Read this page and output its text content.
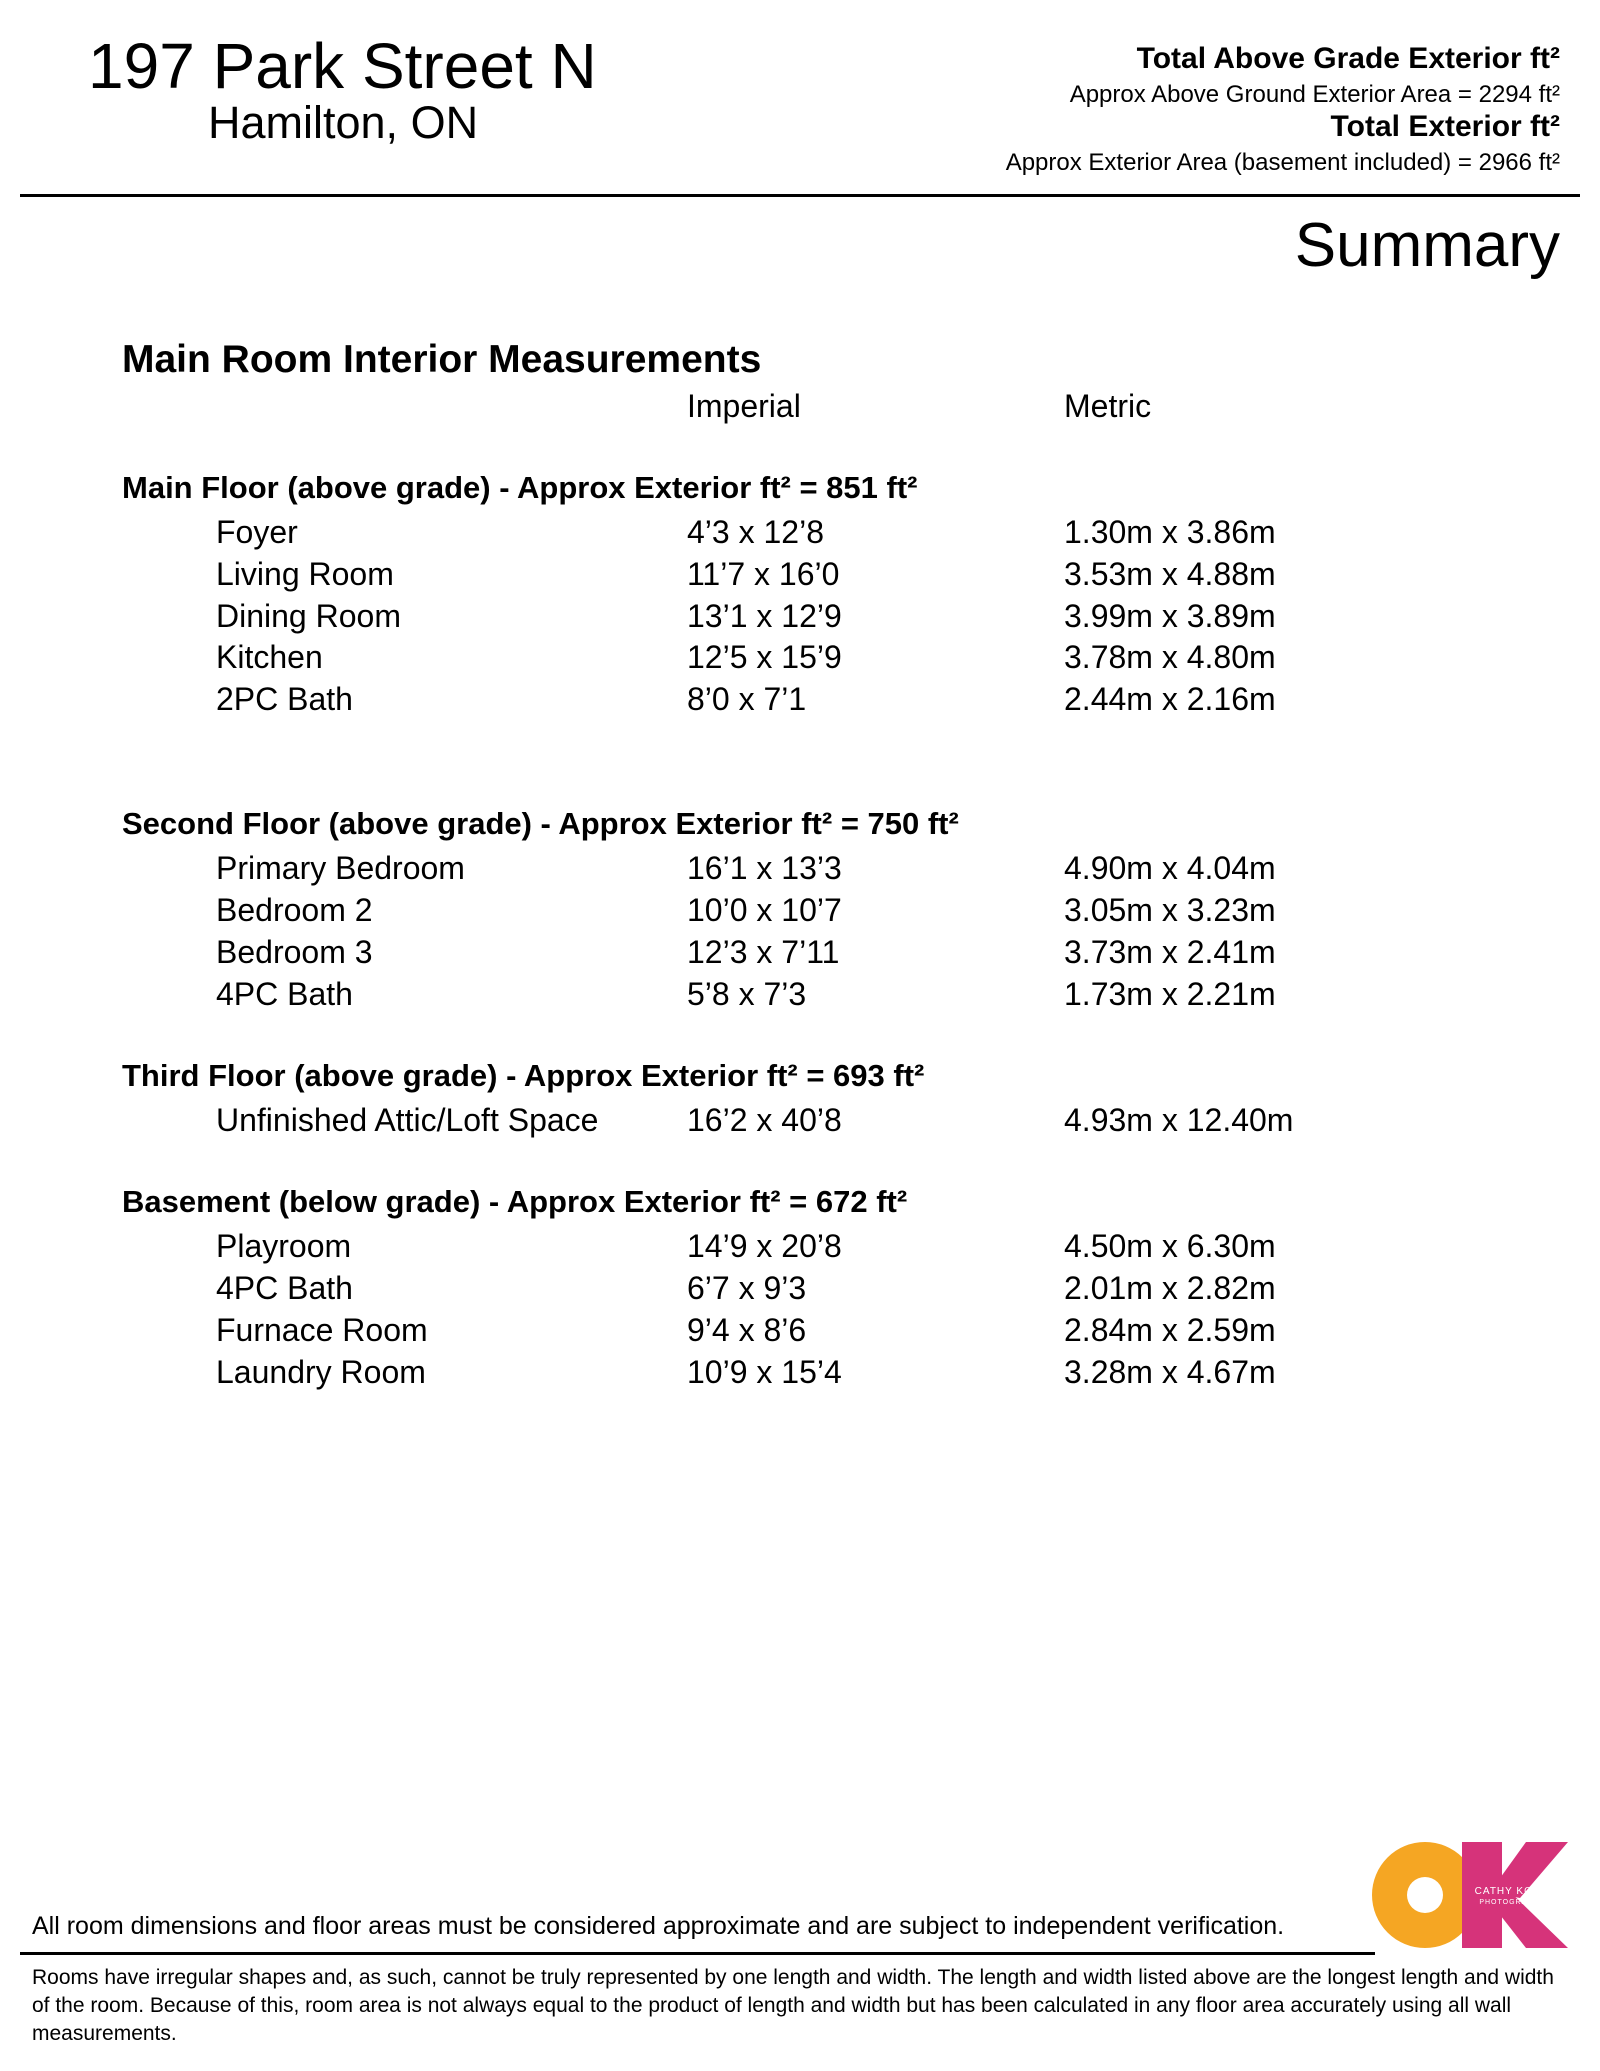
197 Park Street N
Hamilton, ON
Total Above Grade Exterior ft²
Approx Above Ground Exterior Area = 2294 ft²
Total Exterior ft²
Approx Exterior Area (basement included) = 2966 ft²
Summary
Main Room Interior Measurements
Imperial	Metric
Main Floor (above grade) - Approx Exterior ft² = 851 ft²
Foyer	4’3 x 12’8	1.30m x 3.86m
Living Room	11’7 x 16’0	3.53m x 4.88m
Dining Room	13’1 x 12’9	3.99m x 3.89m
Kitchen	12’5 x 15’9	3.78m x 4.80m
2PC Bath	8’0 x 7’1	2.44m x 2.16m
Second Floor (above grade) - Approx Exterior ft² = 750 ft²
Primary Bedroom	16’1 x 13’3	4.90m x 4.04m
Bedroom 2	10’0 x 10’7	3.05m x 3.23m
Bedroom 3	12’3 x 7’11	3.73m x 2.41m
4PC Bath	5’8 x 7’3	1.73m x 2.21m
Third Floor (above grade) - Approx Exterior ft² = 693 ft²
Unfinished Attic/Loft Space	16’2 x 40’8	4.93m x 12.40m
Basement (below grade) - Approx Exterior ft² = 672 ft²
Playroom	14’9 x 20’8	4.50m x 6.30m
4PC Bath	6’7 x 9’3	2.01m x 2.82m
Furnace Room	9’4 x 8’6	2.84m x 2.59m
Laundry Room	10’9 x 15’4	3.28m x 4.67m
CATHY KOOP
PHOTOGRAPHY
All room dimensions and floor areas must be considered approximate and are subject to independent verification.
Rooms have irregular shapes and, as such, cannot be truly represented by one length and width. The length and width listed above are the longest length and width of the room. Because of this, room area is not always equal to the product of length and width but has been calculated in any floor area accurately using all wall measurements.
